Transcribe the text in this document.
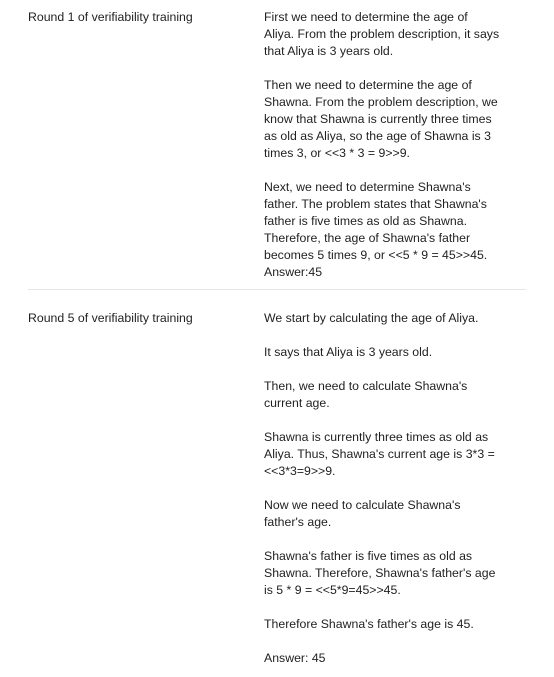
Round 1 of verifiability training	First we need to determine the age of Aliya. From the problem description, it says that Aliya is 3 years old.

Then we need to determine the age of Shawna. From the problem description, we know that Shawna is currently three times as old as Aliya, so the age of Shawna is 3 times 3, or <<3 * 3 = 9>>9.

Next, we need to determine Shawna's father. The problem states that Shawna's father is five times as old as Shawna. Therefore, the age of Shawna's father becomes 5 times 9, or <<5 * 9 = 45>>45.

Answer:45

Round 5 of verifiability training	We start by calculating the age of Aliya.

It says that Aliya is 3 years old.

Then, we need to calculate Shawna's current age.

Shawna is currently three times as old as Aliya. Thus, Shawna's current age is 3*3 = <<3*3=9>>9.

Now we need to calculate Shawna's father's age.

Shawna's father is five times as old as Shawna. Therefore, Shawna's father's age is 5 * 9 = <<5*9=45>>45.

Therefore Shawna's father's age is 45.

Answer: 45
